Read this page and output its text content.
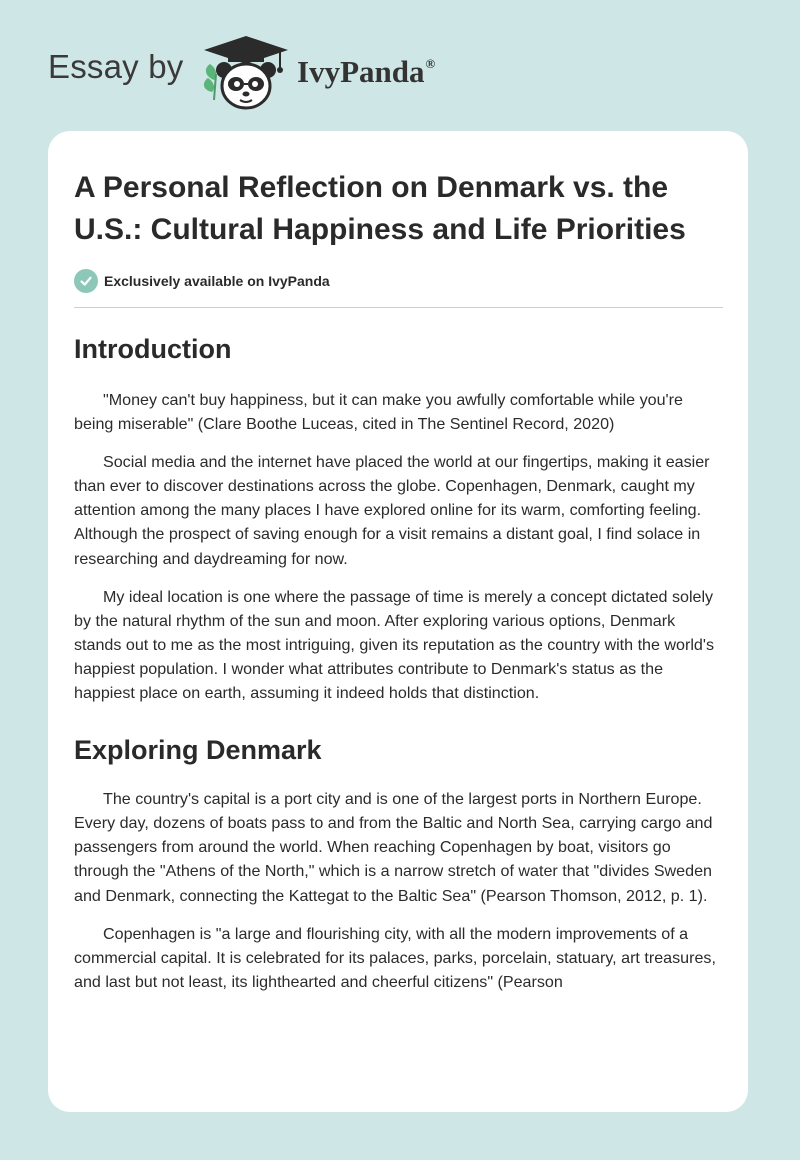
Essay by	IvyPanda®
A Personal Reflection on Denmark vs. the U.S.: Cultural Happiness and Life Priorities
Exclusively available on IvyPanda
Introduction

"Money can't buy happiness, but it can make you awfully comfortable while you're being miserable" (Clare Boothe Luceas, cited in The Sentinel Record, 2020)

Social media and the internet have placed the world at our fingertips, making it easier than ever to discover destinations across the globe. Copenhagen, Denmark, caught my attention among the many places I have explored online for its warm, comforting feeling. Although the prospect of saving enough for a visit remains a distant goal, I find solace in researching and daydreaming for now.

My ideal location is one where the passage of time is merely a concept dictated solely by the natural rhythm of the sun and moon. After exploring various options, Denmark stands out to me as the most intriguing, given its reputation as the country with the world's happiest population. I wonder what attributes contribute to Denmark's status as the happiest place on earth, assuming it indeed holds that distinction.

Exploring Denmark

The country's capital is a port city and is one of the largest ports in Northern Europe. Every day, dozens of boats pass to and from the Baltic and North Sea, carrying cargo and passengers from around the world. When reaching Copenhagen by boat, visitors go through the "Athens of the North," which is a narrow stretch of water that "divides Sweden and Denmark, connecting the Kattegat to the Baltic Sea" (Pearson Thomson, 2012, p. 1).

Copenhagen is "a large and flourishing city, with all the modern improvements of a commercial capital. It is celebrated for its palaces, parks, porcelain, statuary, art treasures, and last but not least, its lighthearted and cheerful citizens" (Pearson
